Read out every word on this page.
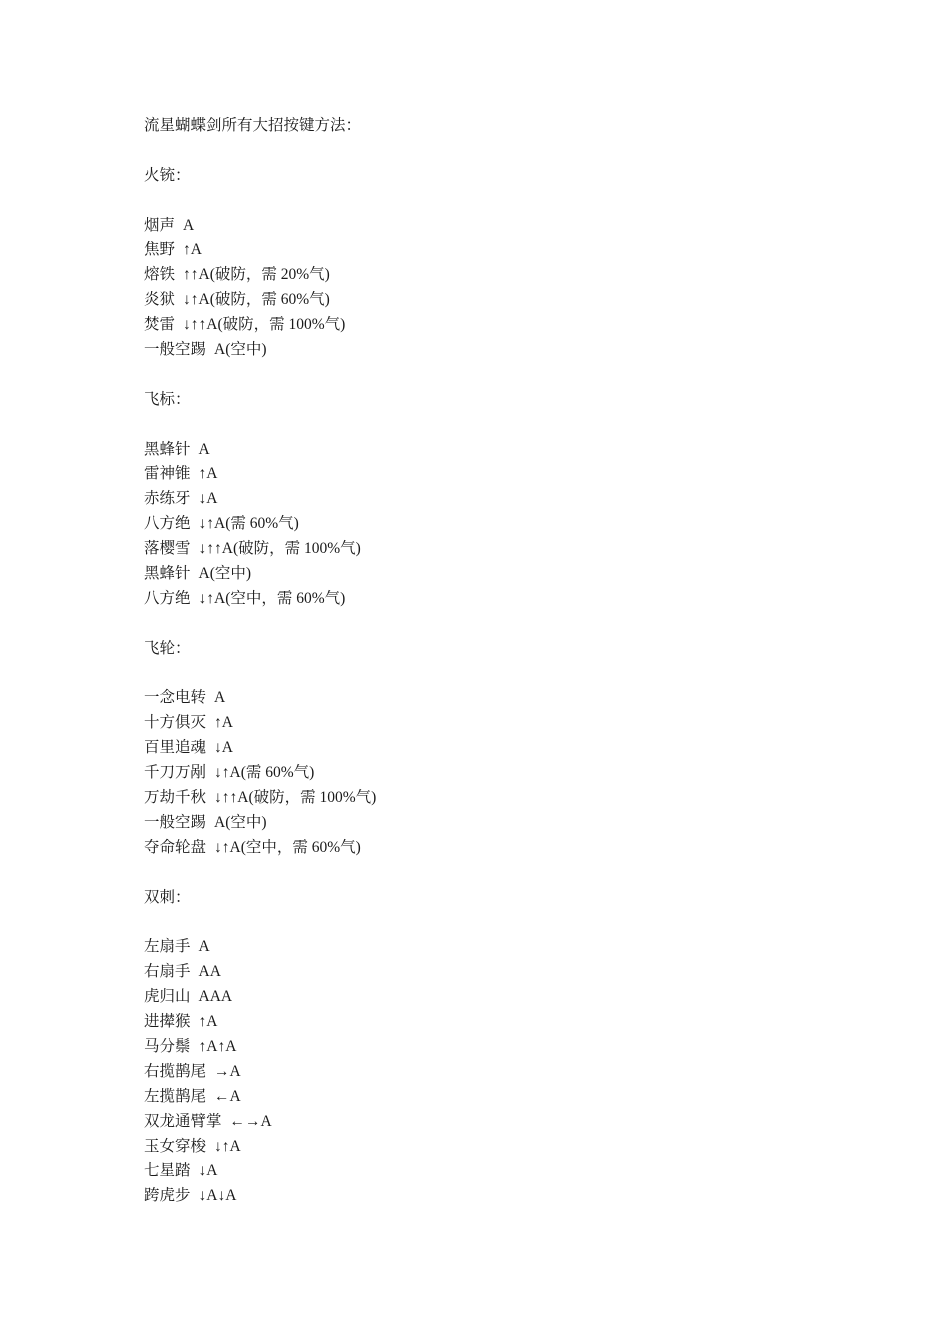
流星蝴蝶剑所有大招按键方法：
火铳：
烟声 A
焦野 ↑A
熔铁 ↑↑A(破防，需 20%气)
炎狱 ↓↑A(破防，需 60%气)
焚雷 ↓↑↑A(破防，需 100%气)
一般空踢 A(空中)
飞标：
黑蜂针 A
雷神锥 ↑A
赤练牙 ↓A
八方绝 ↓↑A(需 60%气)
落樱雪 ↓↑↑A(破防，需 100%气)
黑蜂针 A(空中)
八方绝 ↓↑A(空中，需 60%气)
飞轮：
一念电转 A
十方俱灭 ↑A
百里追魂 ↓A
千刀万剐 ↓↑A(需 60%气)
万劫千秋 ↓↑↑A(破防，需 100%气)
一般空踢 A(空中)
夺命轮盘 ↓↑A(空中，需 60%气)
双刺：
左扇手 A
右扇手 AA
虎归山 AAA
进撵猴 ↑A
马分鬃 ↑A↑A
右揽鹊尾 →A
左揽鹊尾 ←A
双龙通臂掌 ←→A
玉女穿梭 ↓↑A
七星踏 ↓A
跨虎步 ↓A↓A
